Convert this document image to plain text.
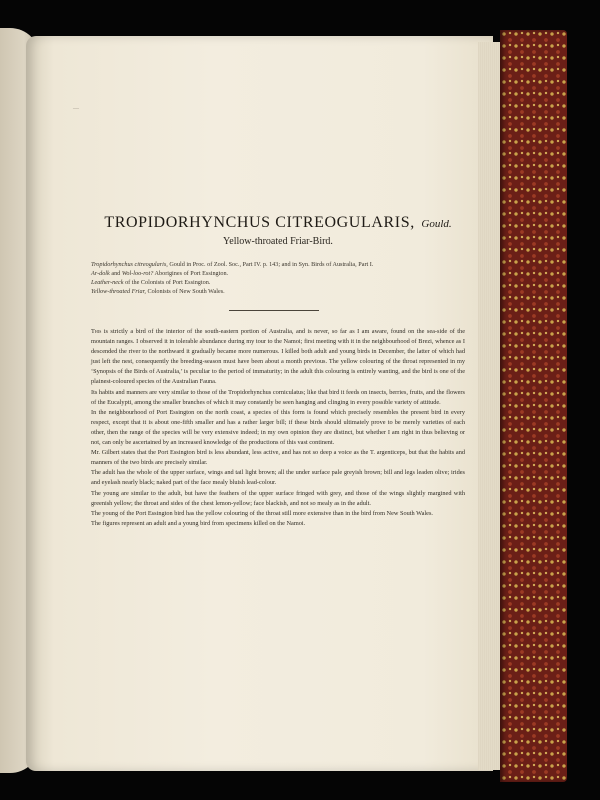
—
TROPIDORHYNCHUS CITREOGULARIS, Gould.
Yellow-throated Friar-Bird.
Tropidorhynchus citreogularis, Gould in Proc. of Zool. Soc., Part IV. p. 143; and in Syn. Birds of Australia, Part I.
Ar-dolk and Wol-loo-rot? Aborigines of Port Essington.
Leather-neck of the Colonists of Port Essington.
Yellow-throated Friar, Colonists of New South Wales.

This is strictly a bird of the interior of the south-eastern portion of Australia, and is never, so far as I am aware, found on the sea-side of the mountain ranges. I observed it in tolerable abundance during my tour to the Namoi; first meeting with it in the neighbourhood of Brezi, whence as I descended the river to the northward it gradually became more numerous. I killed both adult and young birds in December, the latter of which had just left the nest, consequently the breeding-season must have been about a month previous. The yellow colouring of the throat represented in my ‘Synopsis of the Birds of Australia,’ is peculiar to the period of immaturity; in the adult this colouring is entirely wanting, and the bird is one of the plainest-coloured species of the Australian Fauna.

Its habits and manners are very similar to those of the Tropidorhynchus corniculatus; like that bird it feeds on insects, berries, fruits, and the flowers of the Eucalypti, among the smaller branches of which it may constantly be seen hanging and clinging in every possible variety of attitude.

In the neighbourhood of Port Essington on the north coast, a species of this form is found which precisely resembles the present bird in every respect, except that it is about one-fifth smaller and has a rather larger bill; if these birds should ultimately prove to be merely varieties of each other, then the range of the species will be very extensive indeed; in my own opinion they are distinct, but whether I am right in thus believing or not, can only be ascertained by an increased knowledge of the productions of this vast continent.

Mr. Gilbert states that the Port Essington bird is less abundant, less active, and has not so deep a voice as the T. argenticeps, but that the habits and manners of the two birds are precisely similar.

The adult has the whole of the upper surface, wings and tail light brown; all the under surface pale greyish brown; bill and legs leaden olive; irides and eyelash nearly black; naked part of the face mealy bluish lead-colour.

The young are similar to the adult, but have the feathers of the upper surface fringed with grey, and those of the wings slightly margined with greenish yellow; the throat and sides of the chest lemon-yellow; face blackish, and not so mealy as in the adult.

The young of the Port Essington bird has the yellow colouring of the throat still more extensive than in the bird from New South Wales.

The figures represent an adult and a young bird from specimens killed on the Namoi.
